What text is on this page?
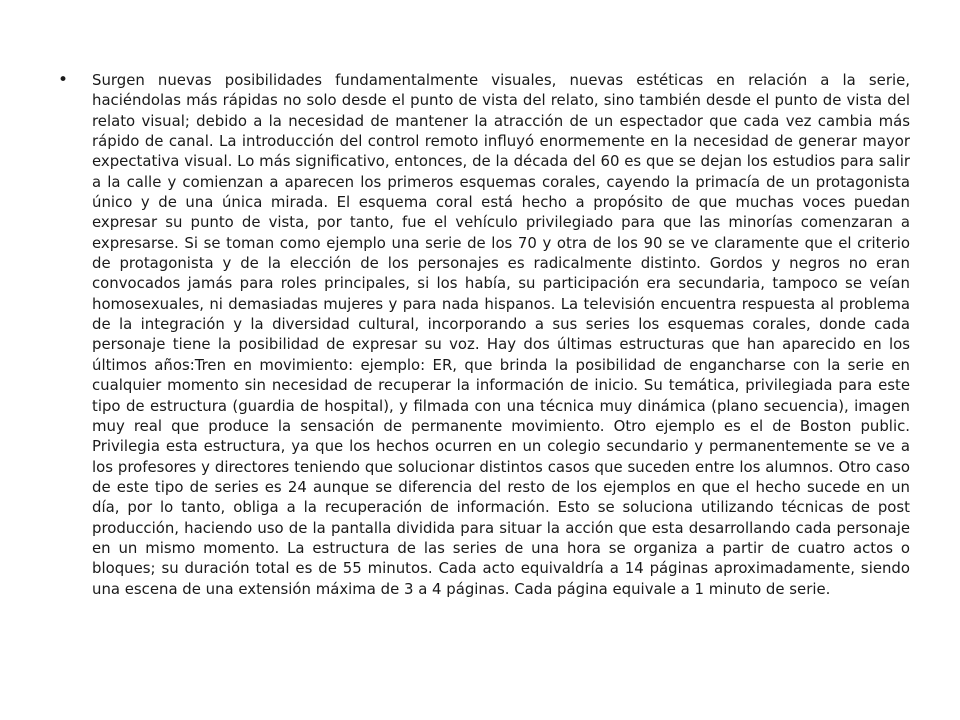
•	Surgen nuevas posibilidades fundamentalmente visuales, nuevas estéticas en relación a la serie, haciéndolas más rápidas no solo desde el punto de vista del relato, sino también desde el punto de vista del relato visual; debido a la necesidad de mantener la atracción de un espectador que cada vez cambia más rápido de canal. La introducción del control remoto influyó enormemente en la necesidad de generar mayor expectativa visual. Lo más significativo, entonces, de la década del 60 es que se dejan los estudios para salir a la calle y comienzan a aparecen los primeros esquemas corales, cayendo la primacía de un protagonista único y de una única mirada. El esquema coral está hecho a propósito de que muchas voces puedan expresar su punto de vista, por tanto, fue el vehículo privilegiado para que las minorías comenzaran a expresarse. Si se toman como ejemplo una serie de los 70 y otra de los 90 se ve claramente que el criterio de protagonista y de la elección de los personajes es radicalmente distinto. Gordos y negros no eran convocados jamás para roles principales, si los había, su participación era secundaria, tampoco se veían homosexuales, ni demasiadas mujeres y para nada hispanos. La televisión encuentra respuesta al problema de la integración y la diversidad cultural, incorporando a sus series los esquemas corales, donde cada personaje tiene la posibilidad de expresar su voz. Hay dos últimas estructuras que han aparecido en los últimos años:Tren en movimiento: ejemplo: ER, que brinda la posibilidad de engancharse con la serie en cualquier momento sin necesidad de recuperar la información de inicio. Su temática, privilegiada para este tipo de estructura (guardia de hospital), y filmada con una técnica muy dinámica (plano secuencia), imagen muy real que produce la sensación de permanente movimiento. Otro ejemplo es el de Boston public. Privilegia esta estructura, ya que los hechos ocurren en un colegio secundario y permanentemente se ve a los profesores y directores teniendo que solucionar distintos casos que suceden entre los alumnos. Otro caso de este tipo de series es 24 aunque se diferencia del resto de los ejemplos en que el hecho sucede en un día, por lo tanto, obliga a la recuperación de información. Esto se soluciona utilizando técnicas de post producción, haciendo uso de la pantalla dividida para situar la acción que esta desarrollando cada personaje en un mismo momento. La estructura de las series de una hora se organiza a partir de cuatro actos o bloques; su duración total es de 55 minutos. Cada acto equivaldría a 14 páginas aproximadamente, siendo una escena de una extensión máxima de 3 a 4 páginas. Cada página equivale a 1 minuto de serie.
